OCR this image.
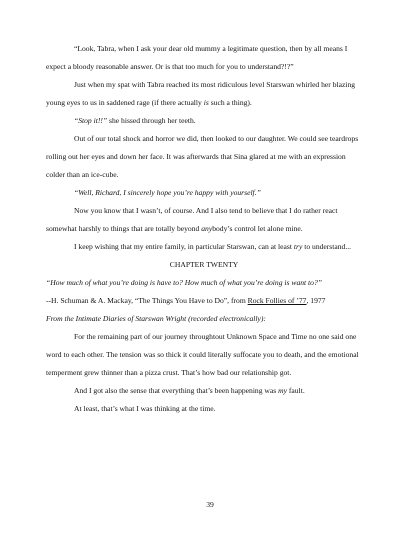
“Look, Tabra, when I ask your dear old mummy a legitimate question, then by all means I

expect a bloody reasonable answer. Or is that too much for you to understand?!?”

Just when my spat with Tabra reached its most ridiculous level Starswan whirled her blazing young eyes to us in saddened rage (if there actually is such a thing).

“Stop it!!” she hissed through her teeth.

Out of our total shock and horror we did, then looked to our daughter. We could see teardrops rolling out her eyes and down her face. It was afterwards that Sina glared at me with an expression colder than an ice-cube.

“Well, Richard, I sincerely hope you’re happy with yourself.”

Now you know that I wasn’t, of course. And I also tend to believe that I do rather react somewhat harshly to things that are totally beyond anybody’s control let alone mine.

I keep wishing that my entire family, in particular Starswan, can at least try to understand...

CHAPTER TWENTY

“How much of what you’re doing is have to? How much of what you’re doing is want to?”

--H. Schuman & A. Mackay, “The Things You Have to Do”, from Rock Follies of ’77, 1977

From the Intimate Diaries of Starswan Wright (recorded electronically):

For the remaining part of our journey throughtout Unknown Space and Time no one said one word to each other. The tension was so thick it could literally suffocate you to death, and the emotional temperment grew thinner than a pizza crust. That’s how bad our relationship got.

And I got also the sense that everything that’s been happening was my fault.

At least, that’s what I was thinking at the time.

39
